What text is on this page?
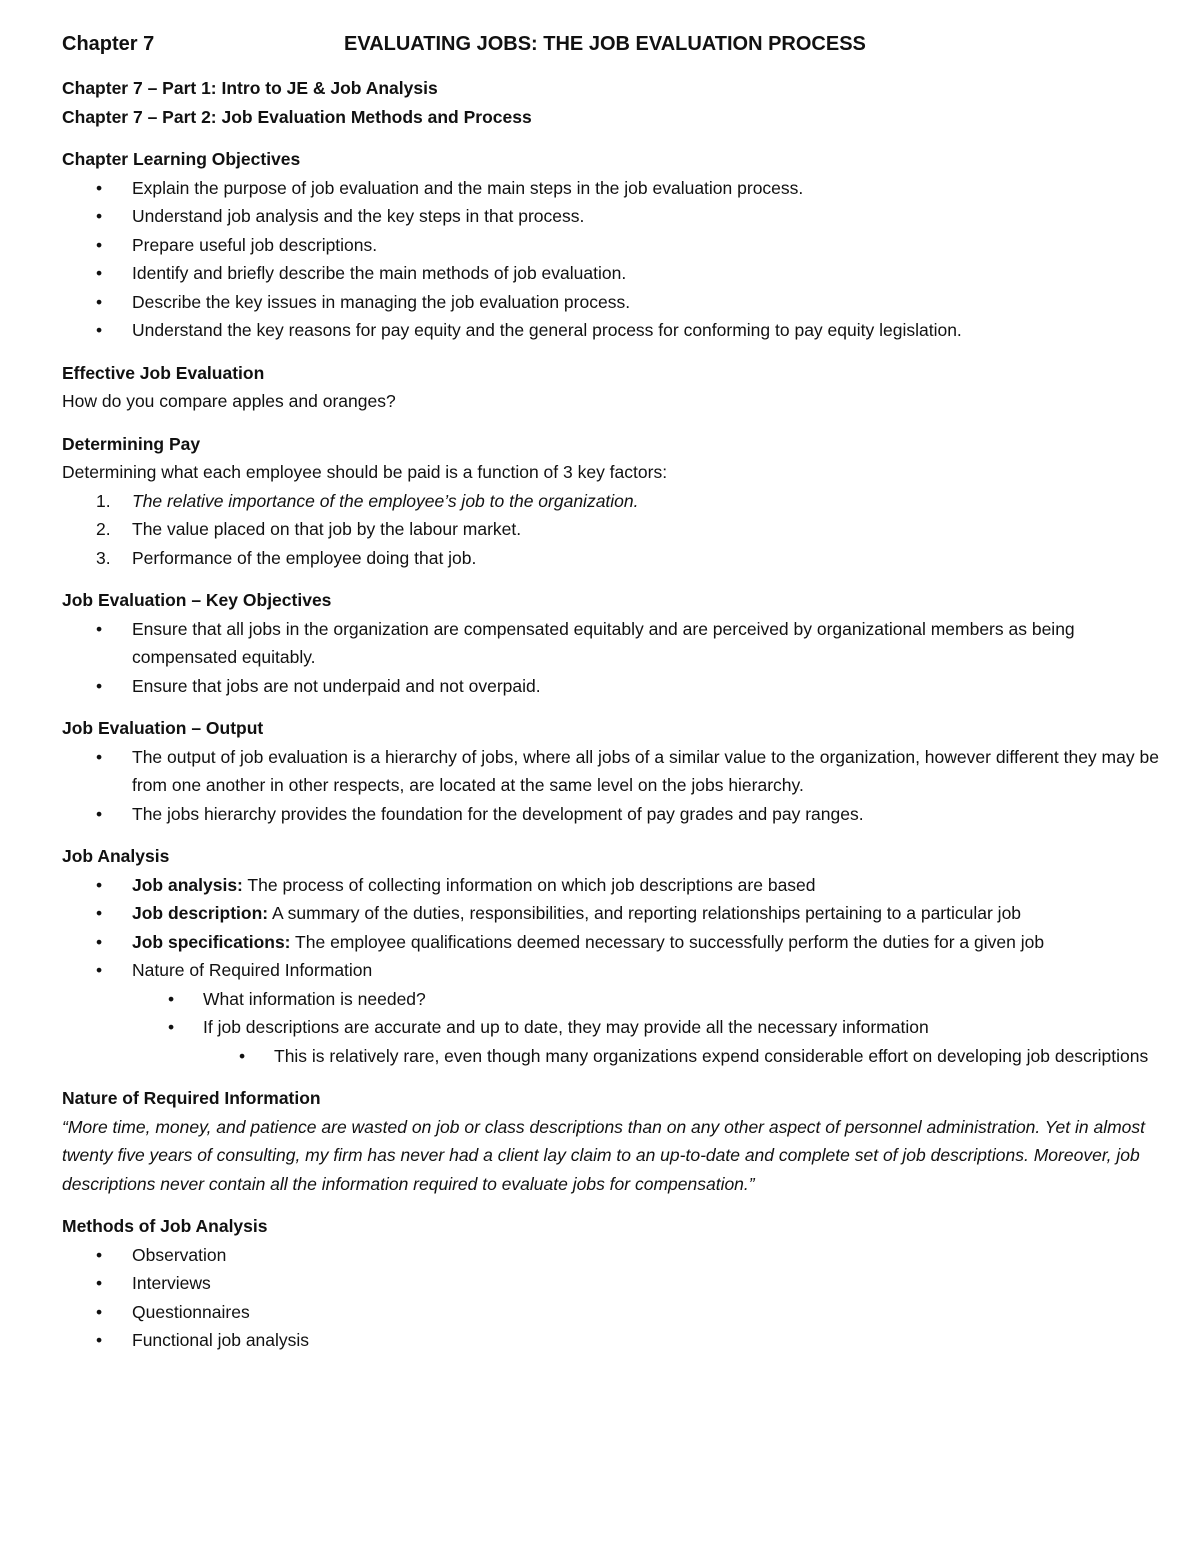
Chapter 7	EVALUATING JOBS: THE JOB EVALUATION PROCESS

Chapter 7 – Part 1: Intro to JE & Job Analysis

Chapter 7 – Part 2: Job Evaluation Methods and Process

Chapter Learning Objectives

• Explain the purpose of job evaluation and the main steps in the job evaluation process.
• Understand job analysis and the key steps in that process.
• Prepare useful job descriptions.
• Identify and briefly describe the main methods of job evaluation.
• Describe the key issues in managing the job evaluation process.
• Understand the key reasons for pay equity and the general process for conforming to pay equity legislation.

Effective Job Evaluation

How do you compare apples and oranges?

Determining Pay

Determining what each employee should be paid is a function of 3 key factors:

1. The relative importance of the employee’s job to the organization.
2. The value placed on that job by the labour market.
3. Performance of the employee doing that job.

Job Evaluation – Key Objectives

• Ensure that all jobs in the organization are compensated equitably and are perceived by organizational members as being compensated equitably.
• Ensure that jobs are not underpaid and not overpaid.

Job Evaluation – Output

• The output of job evaluation is a hierarchy of jobs, where all jobs of a similar value to the organization, however different they may be from one another in other respects, are located at the same level on the jobs hierarchy.
• The jobs hierarchy provides the foundation for the development of pay grades and pay ranges.

Job Analysis

• Job analysis: The process of collecting information on which job descriptions are based
• Job description: A summary of the duties, responsibilities, and reporting relationships pertaining to a particular job
• Job specifications: The employee qualifications deemed necessary to successfully perform the duties for a given job
• Nature of Required Information
• What information is needed?
• If job descriptions are accurate and up to date, they may provide all the necessary information
• This is relatively rare, even though many organizations expend considerable effort on developing job descriptions

Nature of Required Information

“More time, money, and patience are wasted on job or class descriptions than on any other aspect of personnel administration. Yet in almost twenty five years of consulting, my firm has never had a client lay claim to an up-to-date and complete set of job descriptions. Moreover, job descriptions never contain all the information required to evaluate jobs for compensation.”

Methods of Job Analysis

• Observation
• Interviews
• Questionnaires
• Functional job analysis
